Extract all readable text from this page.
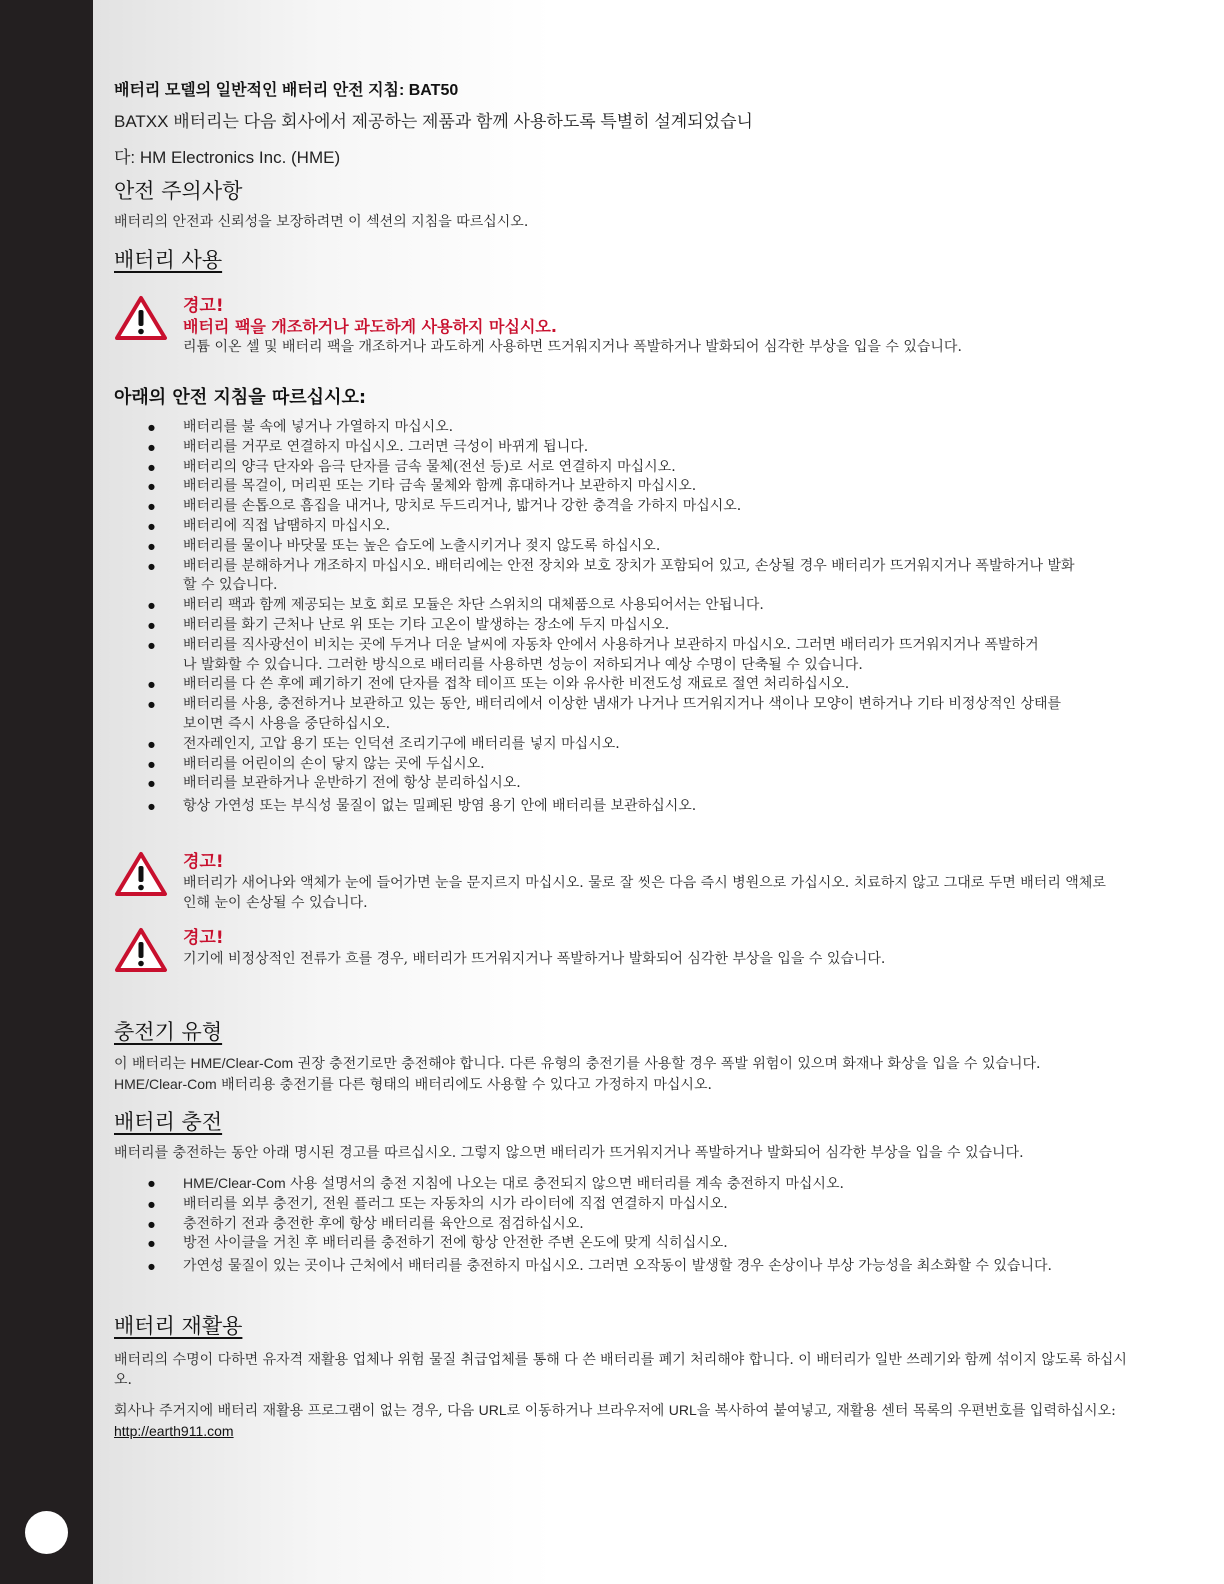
배터리 모델의 일반적인 배터리 안전 지침: BAT50
BATXX 배터리는 다음 회사에서 제공하는 제품과 함께 사용하도록 특별히 설계되었습니
다: HM Electronics Inc. (HME)
안전 주의사항
배터리의 안전과 신뢰성을 보장하려면 이 섹션의 지침을 따르십시오.
배터리 사용
경고!
배터리 팩을 개조하거나 과도하게 사용하지 마십시오.
리튬 이온 셀 및 배터리 팩을 개조하거나 과도하게 사용하면 뜨거워지거나 폭발하거나 발화되어 심각한 부상을 입을 수 있습니다.
아래의 안전 지침을 따르십시오:
● 배터리를 불 속에 넣거나 가열하지 마십시오.
● 배터리를 거꾸로 연결하지 마십시오. 그러면 극성이 바뀌게 됩니다.
● 배터리의 양극 단자와 음극 단자를 금속 물체(전선 등)로 서로 연결하지 마십시오.
● 배터리를 목걸이, 머리핀 또는 기타 금속 물체와 함께 휴대하거나 보관하지 마십시오.
● 배터리를 손톱으로 흠집을 내거나, 망치로 두드리거나, 밟거나 강한 충격을 가하지 마십시오.
● 배터리에 직접 납땜하지 마십시오.
● 배터리를 물이나 바닷물 또는 높은 습도에 노출시키거나 젖지 않도록 하십시오.
● 배터리를 분해하거나 개조하지 마십시오. 배터리에는 안전 장치와 보호 장치가 포함되어 있고, 손상될 경우 배터리가 뜨거워지거나 폭발하거나 발화할 수 있습니다.
● 배터리 팩과 함께 제공되는 보호 회로 모듈은 차단 스위치의 대체품으로 사용되어서는 안됩니다.
● 배터리를 화기 근처나 난로 위 또는 기타 고온이 발생하는 장소에 두지 마십시오.
● 배터리를 직사광선이 비치는 곳에 두거나 더운 날씨에 자동차 안에서 사용하거나 보관하지 마십시오. 그러면 배터리가 뜨거워지거나 폭발하거나 발화할 수 있습니다. 그러한 방식으로 배터리를 사용하면 성능이 저하되거나 예상 수명이 단축될 수 있습니다.
● 배터리를 다 쓴 후에 폐기하기 전에 단자를 접착 테이프 또는 이와 유사한 비전도성 재료로 절연 처리하십시오.
● 배터리를 사용, 충전하거나 보관하고 있는 동안, 배터리에서 이상한 냄새가 나거나 뜨거워지거나 색이나 모양이 변하거나 기타 비정상적인 상태를 보이면 즉시 사용을 중단하십시오.
● 전자레인지, 고압 용기 또는 인덕션 조리기구에 배터리를 넣지 마십시오.
● 배터리를 어린이의 손이 닿지 않는 곳에 두십시오.
● 배터리를 보관하거나 운반하기 전에 항상 분리하십시오.
● 항상 가연성 또는 부식성 물질이 없는 밀폐된 방염 용기 안에 배터리를 보관하십시오.
경고!
배터리가 새어나와 액체가 눈에 들어가면 눈을 문지르지 마십시오. 물로 잘 씻은 다음 즉시 병원으로 가십시오. 치료하지 않고 그대로 두면 배터리 액체로 인해 눈이 손상될 수 있습니다.
경고!
기기에 비정상적인 전류가 흐를 경우, 배터리가 뜨거워지거나 폭발하거나 발화되어 심각한 부상을 입을 수 있습니다.
충전기 유형
이 배터리는 HME/Clear-Com 권장 충전기로만 충전해야 합니다. 다른 유형의 충전기를 사용할 경우 폭발 위험이 있으며 화재나 화상을 입을 수 있습니다.
HME/Clear-Com 배터리용 충전기를 다른 형태의 배터리에도 사용할 수 있다고 가정하지 마십시오.
배터리 충전
배터리를 충전하는 동안 아래 명시된 경고를 따르십시오. 그렇지 않으면 배터리가 뜨거워지거나 폭발하거나 발화되어 심각한 부상을 입을 수 있습니다.
● HME/Clear-Com 사용 설명서의 충전 지침에 나오는 대로 충전되지 않으면 배터리를 계속 충전하지 마십시오.
● 배터리를 외부 충전기, 전원 플러그 또는 자동차의 시가 라이터에 직접 연결하지 마십시오.
● 충전하기 전과 충전한 후에 항상 배터리를 육안으로 점검하십시오.
● 방전 사이클을 거친 후 배터리를 충전하기 전에 항상 안전한 주변 온도에 맞게 식히십시오.
● 가연성 물질이 있는 곳이나 근처에서 배터리를 충전하지 마십시오. 그러면 오작동이 발생할 경우 손상이나 부상 가능성을 최소화할 수 있습니다.
배터리 재활용
배터리의 수명이 다하면 유자격 재활용 업체나 위험 물질 취급업체를 통해 다 쓴 배터리를 폐기 처리해야 합니다. 이 배터리가 일반 쓰레기와 함께 섞이지 않도록 하십시오.
회사나 주거지에 배터리 재활용 프로그램이 없는 경우, 다음 URL로 이동하거나 브라우저에 URL을 복사하여 붙여넣고, 재활용 센터 목록의 우편번호를 입력하십시오: http://earth911.com
